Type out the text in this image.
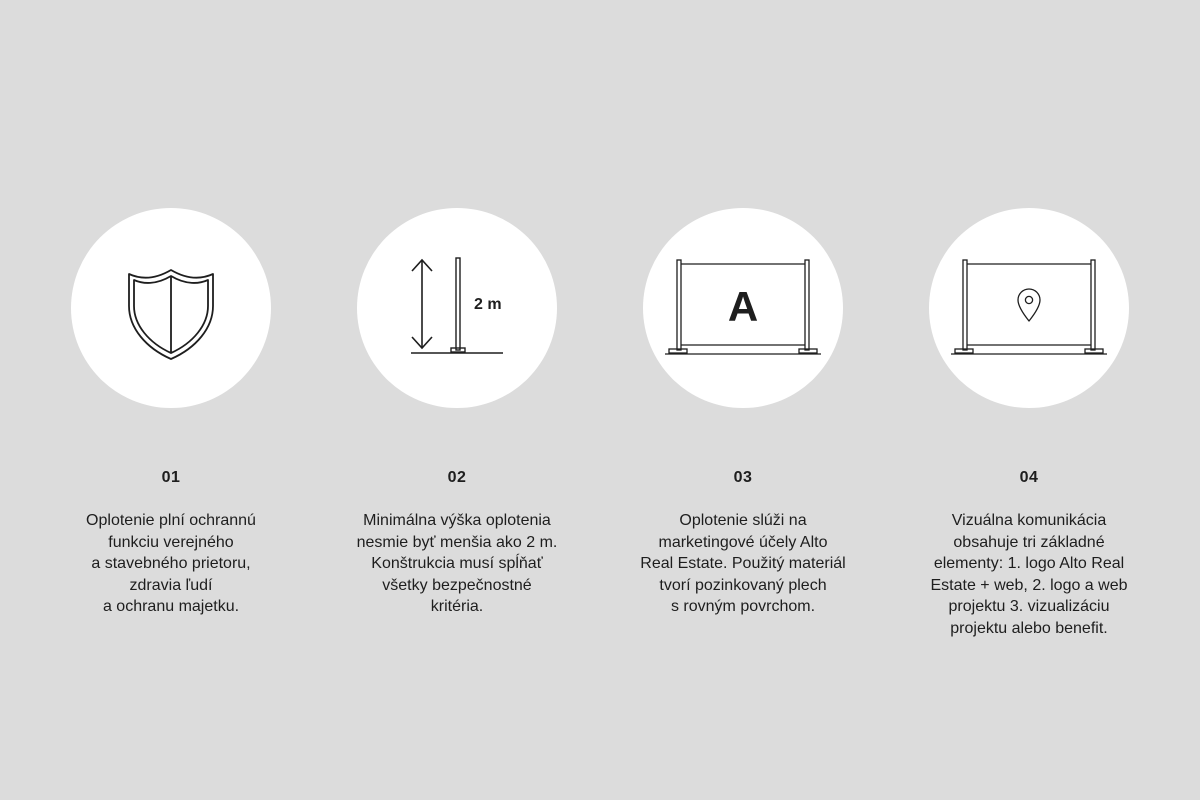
01
Oplotenie plní ochrannú
funkciu verejného
a stavebného prietoru,
zdravia ľudí
a ochranu majetku.
2 m
02
Minimálna výška oplotenia
nesmie byť menšia ako 2 m.
Konštrukcia musí spĺňať
všetky bezpečnostné
kritéria.
A
03
Oplotenie slúži na
marketingové účely Alto
Real Estate. Použitý materiál
tvorí pozinkovaný plech
s rovným povrchom.
04
Vizuálna komunikácia
obsahuje tri základné
elementy: 1. logo Alto Real
Estate + web, 2. logo a web
projektu 3. vizualizáciu
projektu alebo benefit.
